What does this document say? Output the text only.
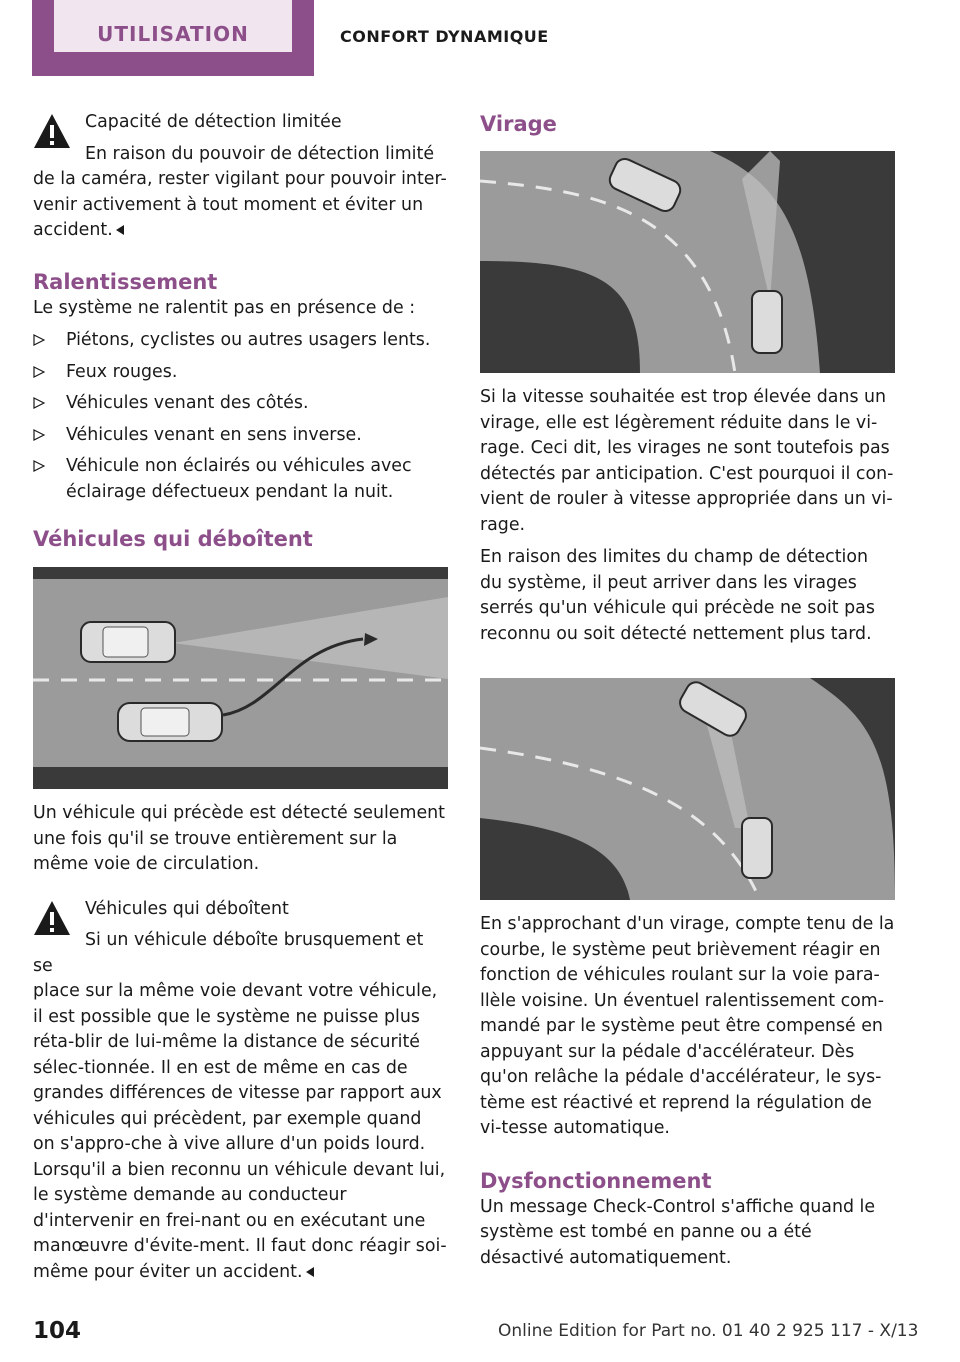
UTILISATION	CONFORT DYNAMIQUE

Capacité de détection limitée

En raison du pouvoir de détection limité

de la caméra, rester vigilant pour pouvoir inter-venir activement à tout moment et éviter un accident.

Ralentissement

Le système ne ralentit pas en présence de :

Piétons, cyclistes ou autres usagers lents.
Feux rouges.
Véhicules venant des côtés.
Véhicules venant en sens inverse.
Véhicule non éclairés ou véhicules avec éclairage défectueux pendant la nuit.
Véhicules qui déboîtent

Un véhicule qui précède est détecté seulement une fois qu'il se trouve entièrement sur la même voie de circulation.

Véhicules qui déboîtent

Si un véhicule déboîte brusquement et se

place sur la même voie devant votre véhicule, il est possible que le système ne puisse plus réta-blir de lui-même la distance de sécurité sélec-tionnée. Il en est de même en cas de grandes différences de vitesse par rapport aux véhicules qui précèdent, par exemple quand on s'appro-che à vive allure d'un poids lourd. Lorsqu'il a bien reconnu un véhicule devant lui, le système demande au conducteur d'intervenir en frei-nant ou en exécutant une manœuvre d'évite-ment. Il faut donc réagir soi-même pour éviter un accident.

Virage

Si la vitesse souhaitée est trop élevée dans un virage, elle est légèrement réduite dans le vi-rage. Ceci dit, les virages ne sont toutefois pas détectés par anticipation. C'est pourquoi il con-vient de rouler à vitesse appropriée dans un vi-rage.

En raison des limites du champ de détection du système, il peut arriver dans les virages serrés qu'un véhicule qui précède ne soit pas reconnu ou soit détecté nettement plus tard.

En s'approchant d'un virage, compte tenu de la courbe, le système peut brièvement réagir en fonction de véhicules roulant sur la voie para-llèle voisine. Un éventuel ralentissement com-mandé par le système peut être compensé en appuyant sur la pédale d'accélérateur. Dès qu'on relâche la pédale d'accélérateur, le sys-tème est réactivé et reprend la régulation de vi-tesse automatique.

Dysfonctionnement

Un message Check-Control s'affiche quand le système est tombé en panne ou a été désactivé automatiquement.

104	Online Edition for Part no. 01 40 2 925 117 - X/13
